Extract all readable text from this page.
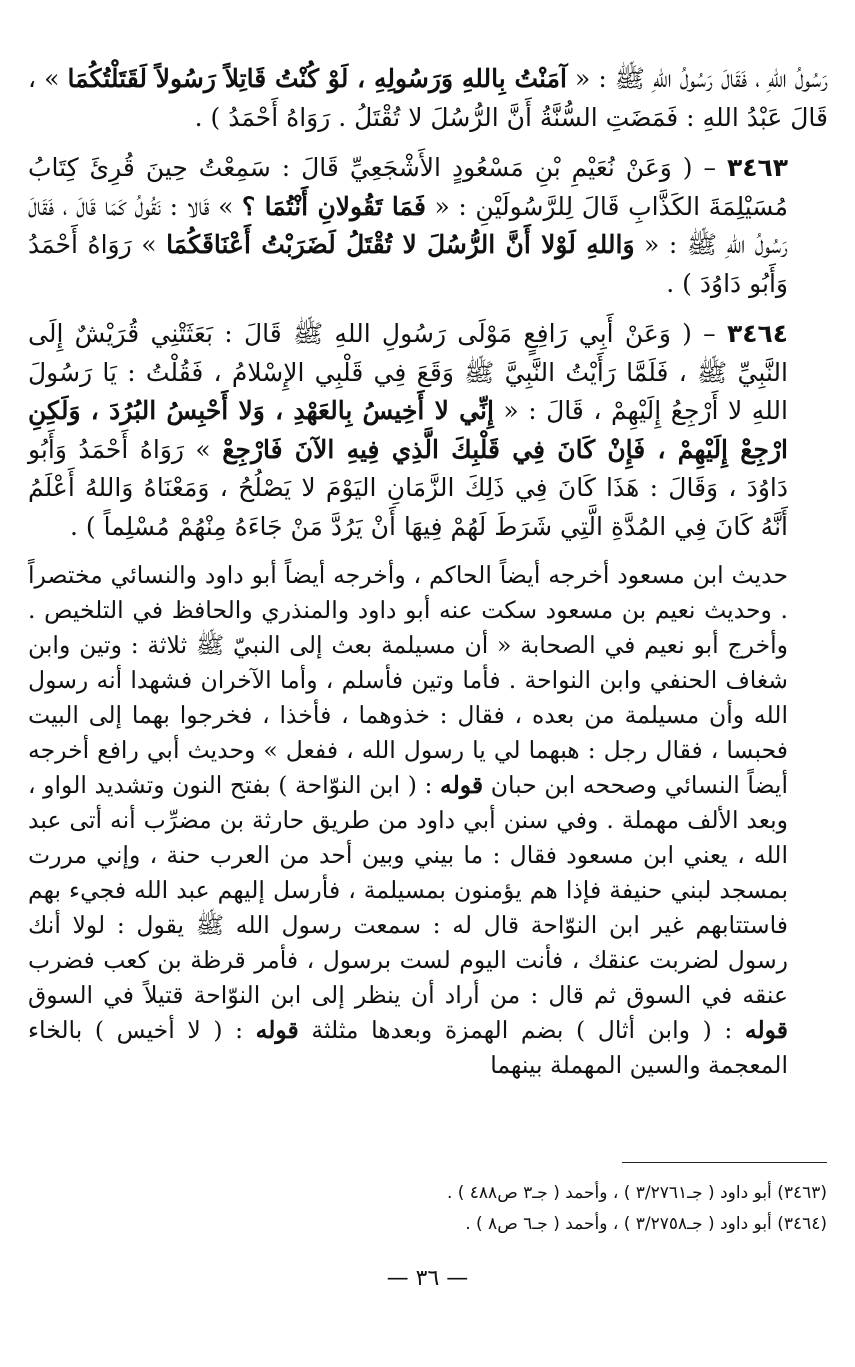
رَسُولُ اللهِ ، فَقَالَ رَسُولُ اللهِ ﷺ : « آمَنْتُ بِاللهِ وَرَسُولِهِ ، لَوْ كُنْتُ قَاتِلاً رَسُولاً لَقَتَلْتُكُمَا » ، قَالَ عَبْدُ اللهِ : فَمَضَتِ السُّنَّةُ أَنَّ الرُّسُلَ لا تُقْتَلُ . رَوَاهُ أَحْمَدُ ) .

٣٤٦٣ – ( وَعَنْ نُعَيْمِ بْنِ مَسْعُودٍ الأَشْجَعِيِّ قَالَ : سَمِعْتُ حِينَ قُرِئَ كِتَابُ مُسَيْلِمَةَ الكَذَّابِ قَالَ لِلرَّسُولَيْنِ : « فَمَا تَقُولانِ أَنْتُمَا ؟ » قَالا : نَقُولُ كَمَا قَالَ ، فَقَالَ رَسُولُ اللهِ ﷺ : « وَاللهِ لَوْلا أَنَّ الرُّسُلَ لا تُقْتَلُ لَضَرَبْتُ أَعْنَاقَكُمَا » رَوَاهُ أَحْمَدُ وَأَبُو دَاوُدَ ) .

٣٤٦٤ – ( وَعَنْ أَبِي رَافِعٍ مَوْلَى رَسُولِ اللهِ ﷺ قَالَ : بَعَثَتْنِي قُرَيْشٌ إِلَى النَّبِيِّ ﷺ ، فَلَمَّا رَأَيْتُ النَّبِيَّ ﷺ وَقَعَ فِي قَلْبِي الإِسْلامُ ، فَقُلْتُ : يَا رَسُولَ اللهِ لا أَرْجِعُ إِلَيْهِمْ ، قَالَ : « إِنِّي لا أَخِيسُ بِالعَهْدِ ، وَلا أَحْبِسُ البُرُدَ ، وَلَكِنِ ارْجِعْ إِلَيْهِمْ ، فَإِنْ كَانَ فِي قَلْبِكَ الَّذِي فِيهِ الآنَ فَارْجِعْ » رَوَاهُ أَحْمَدُ وَأَبُو دَاوُدَ ، وَقَالَ : هَذَا كَانَ فِي ذَلِكَ الزَّمَانِ اليَوْمَ لا يَصْلُحُ ، وَمَعْنَاهُ وَاللهُ أَعْلَمُ أَنَّهُ كَانَ فِي المُدَّةِ الَّتِي شَرَطَ لَهُمْ فِيهَا أَنْ يَرُدَّ مَنْ جَاءَهُ مِنْهُمْ مُسْلِماً ) .

حديث ابن مسعود أخرجه أيضاً الحاكم ، وأخرجه أيضاً أبو داود والنسائي مختصراً . وحديث نعيم بن مسعود سكت عنه أبو داود والمنذري والحافظ في التلخيص . وأخرج أبو نعيم في الصحابة « أن مسيلمة بعث إلى النبيّ ﷺ ثلاثة : وتين وابن شغاف الحنفي وابن النواحة . فأما وتين فأسلم ، وأما الآخران فشهدا أنه رسول الله وأن مسيلمة من بعده ، فقال : خذوهما ، فأخذا ، فخرجوا بهما إلى البيت فحبسا ، فقال رجل : هبهما لي يا رسول الله ، ففعل » وحديث أبي رافع أخرجه أيضاً النسائي وصححه ابن حبان قوله : ( ابن النوّاحة ) بفتح النون وتشديد الواو ، وبعد الألف مهملة . وفي سنن أبي داود من طريق حارثة بن مضرِّب أنه أتى عبد الله ، يعني ابن مسعود فقال : ما بيني وبين أحد من العرب حنة ، وإني مررت بمسجد لبني حنيفة فإذا هم يؤمنون بمسيلمة ، فأرسل إليهم عبد الله فجيء بهم فاستتابهم غير ابن النوّاحة قال له : سمعت رسول الله ﷺ يقول : لولا أنك رسول لضربت عنقك ، فأنت اليوم لست برسول ، فأمر قرظة بن كعب فضرب عنقه في السوق ثم قال : من أراد أن ينظر إلى ابن النوّاحة قتيلاً في السوق قوله : ( وابن أثال ) بضم الهمزة وبعدها مثلثة قوله : ( لا أخيس ) بالخاء المعجمة والسين المهملة بينهما

(٣٤٦٣) أبو داود ( جـ٣/٢٧٦١ ) ، وأحمد ( جـ٣ ص٤٨٨ ) .

(٣٤٦٤) أبو داود ( جـ٣/٢٧٥٨ ) ، وأحمد ( جـ٦ ص٨ ) .

— ٣٦ —
